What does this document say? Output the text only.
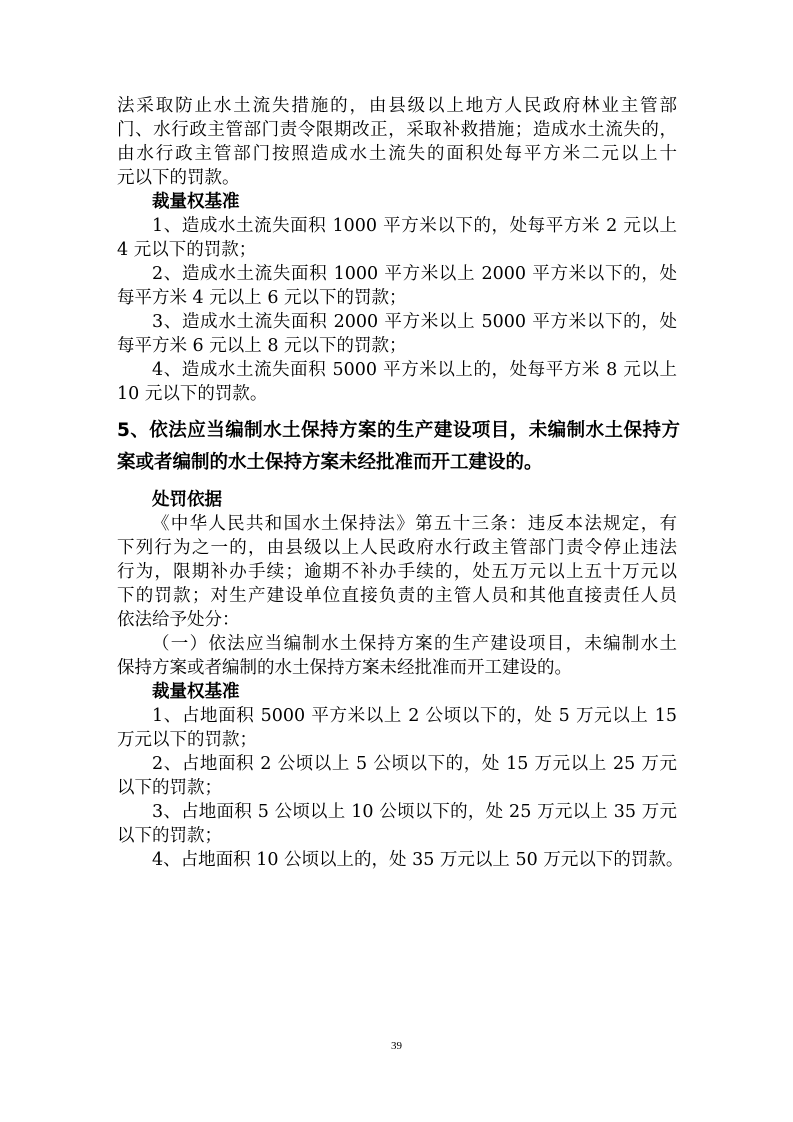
法采取防止水土流失措施的，由县级以上地方人民政府林业主管部
门、水行政主管部门责令限期改正，采取补救措施；造成水土流失的，
由水行政主管部门按照造成水土流失的面积处每平方米二元以上十
元以下的罚款。
裁量权基准
1、造成水土流失面积 1000 平方米以下的，处每平方米 2 元以上
4 元以下的罚款；
2、造成水土流失面积 1000 平方米以上 2000 平方米以下的，处
每平方米 4 元以上 6 元以下的罚款；
3、造成水土流失面积 2000 平方米以上 5000 平方米以下的，处
每平方米 6 元以上 8 元以下的罚款；
4、造成水土流失面积 5000 平方米以上的，处每平方米 8 元以上
10 元以下的罚款。
5、依法应当编制水土保持方案的生产建设项目，未编制水土保持方
案或者编制的水土保持方案未经批准而开工建设的。
处罚依据
《中华人民共和国水土保持法》第五十三条：违反本法规定，有
下列行为之一的，由县级以上人民政府水行政主管部门责令停止违法
行为，限期补办手续；逾期不补办手续的，处五万元以上五十万元以
下的罚款；对生产建设单位直接负责的主管人员和其他直接责任人员
依法给予处分：
（一）依法应当编制水土保持方案的生产建设项目，未编制水土
保持方案或者编制的水土保持方案未经批准而开工建设的。
裁量权基准
1、占地面积 5000 平方米以上 2 公顷以下的，处 5 万元以上 15
万元以下的罚款；
2、占地面积 2 公顷以上 5 公顷以下的，处 15 万元以上 25 万元
以下的罚款；
3、占地面积 5 公顷以上 10 公顷以下的，处 25 万元以上 35 万元
以下的罚款；
4、占地面积 10 公顷以上的，处 35 万元以上 50 万元以下的罚款。
39
